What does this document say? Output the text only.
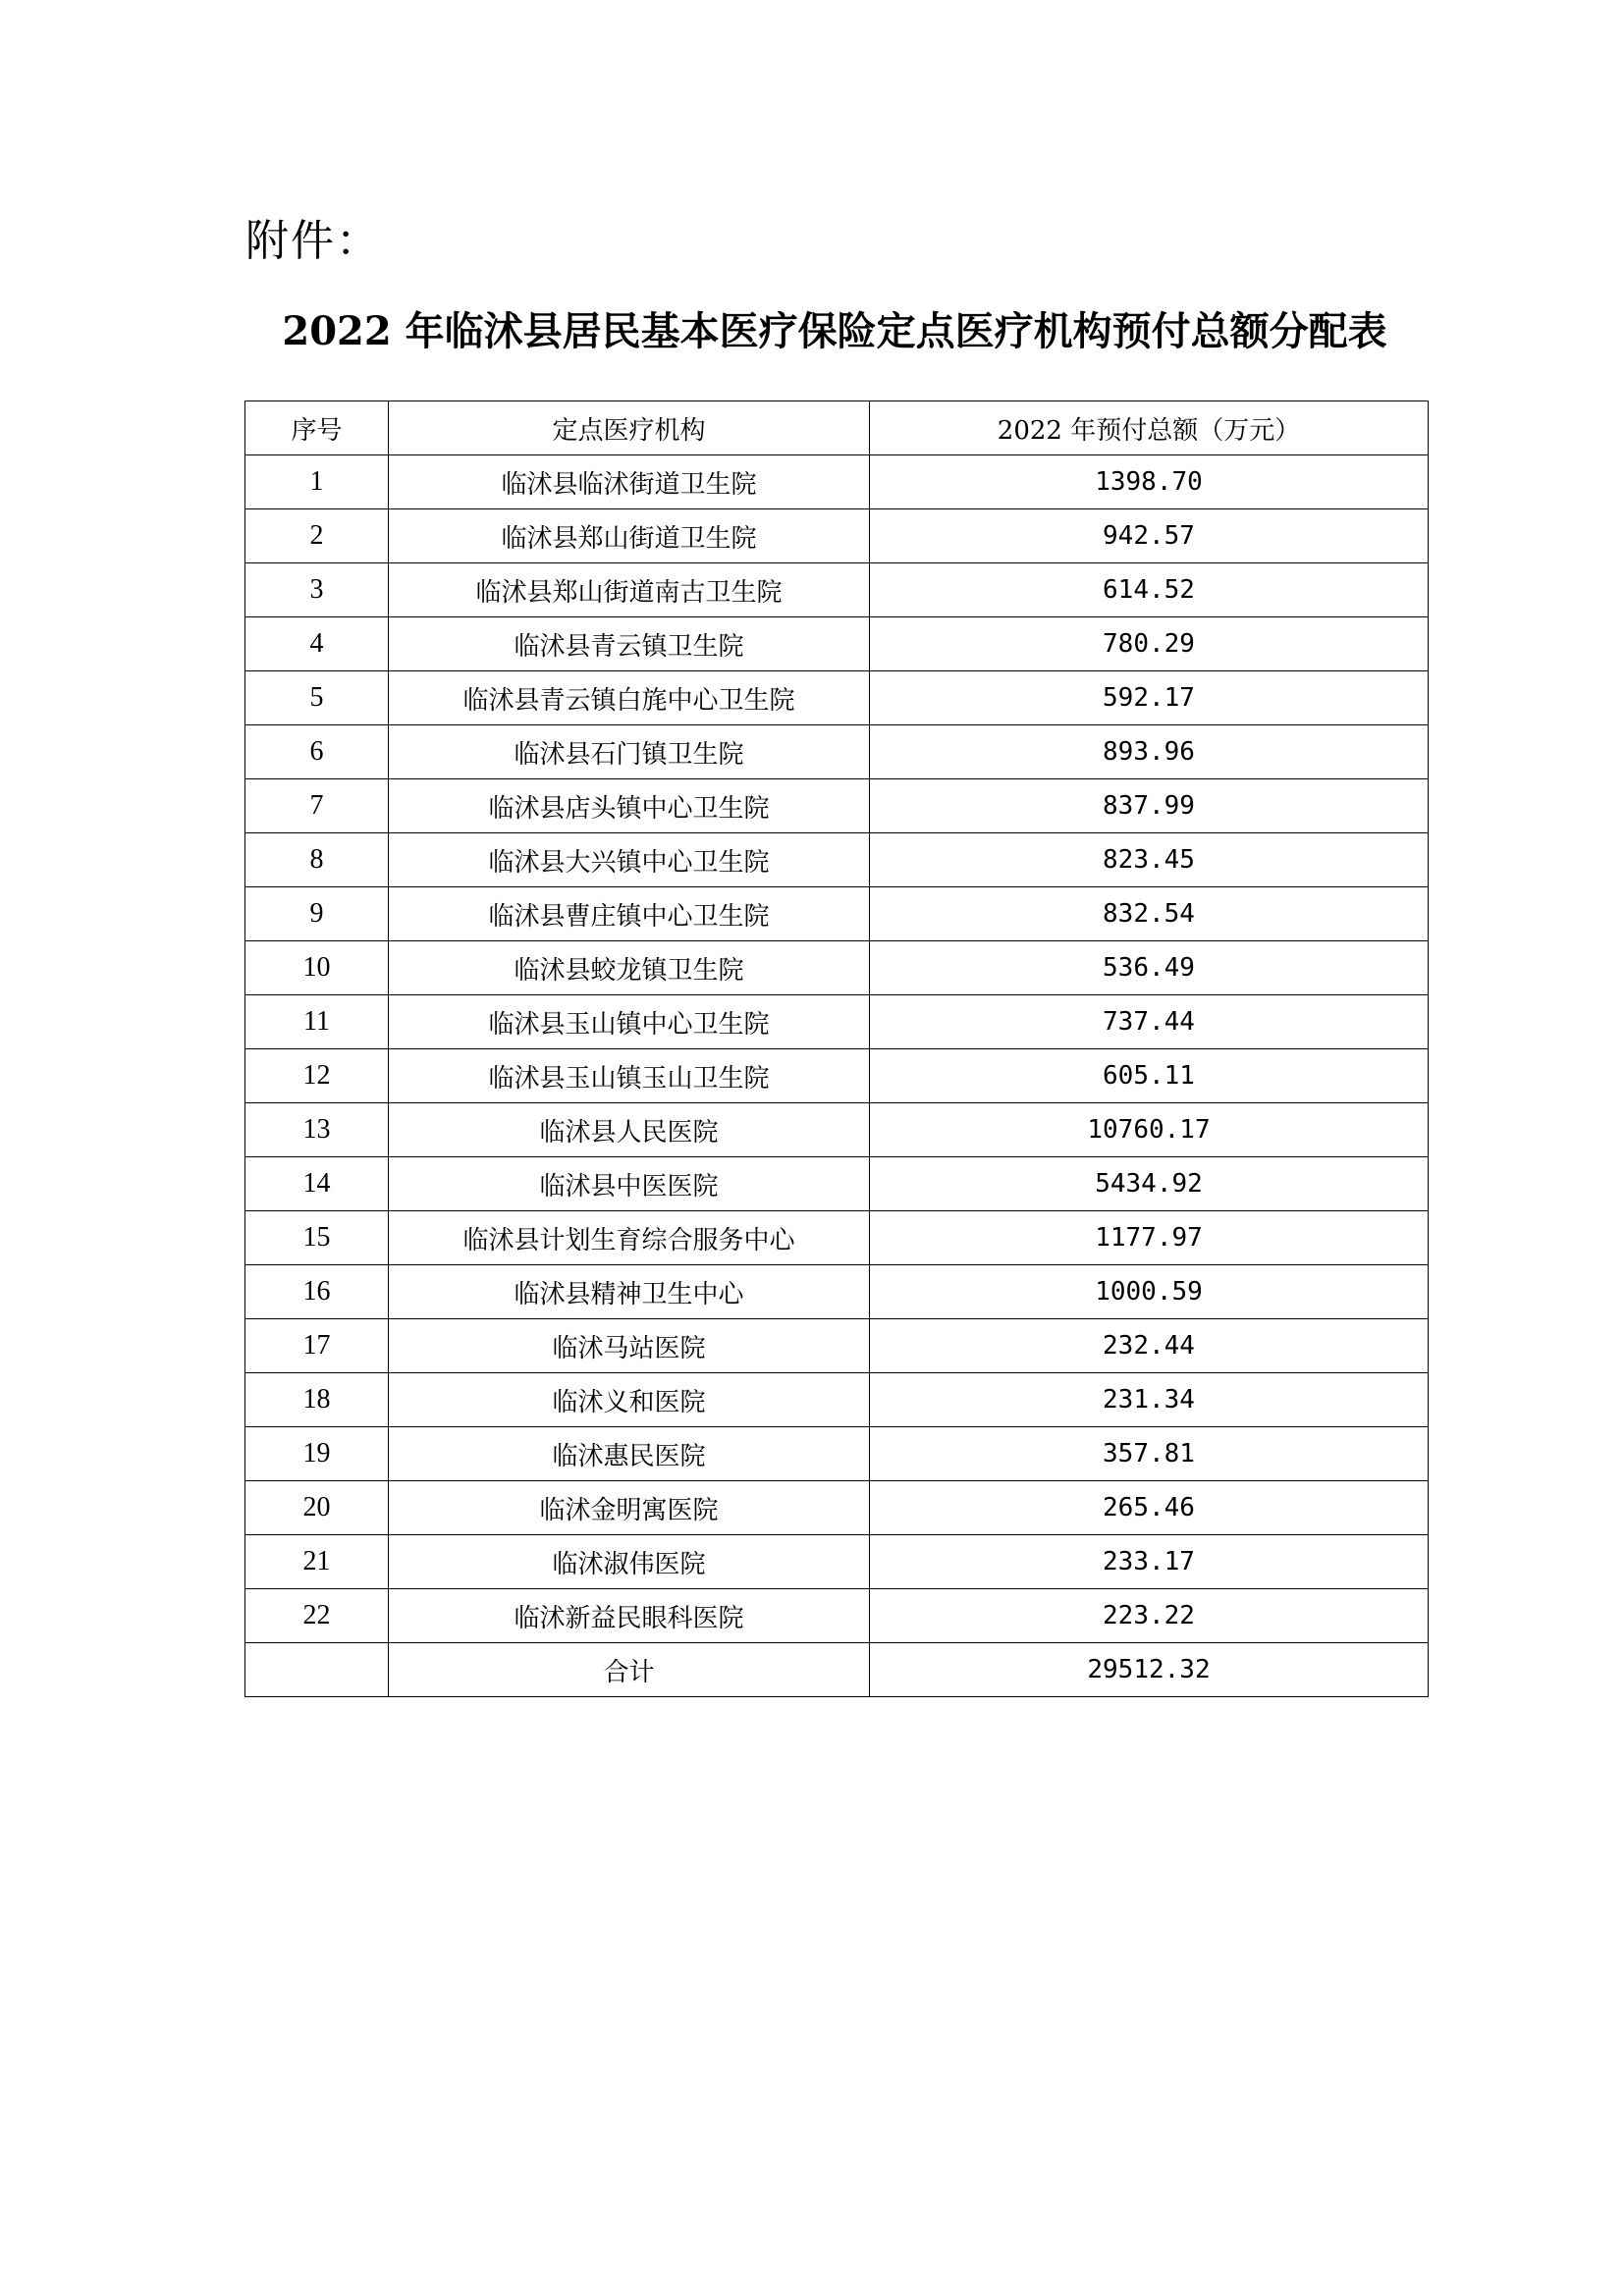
附件：
2022 年临沭县居民基本医疗保险定点医疗机构预付总额分配表
序号	定点医疗机构	2022 年预付总额（万元）
1	临沭县临沭街道卫生院	1398.70
2	临沭县郑山街道卫生院	942.57
3	临沭县郑山街道南古卫生院	614.52
4	临沭县青云镇卫生院	780.29
5	临沭县青云镇白旄中心卫生院	592.17
6	临沭县石门镇卫生院	893.96
7	临沭县店头镇中心卫生院	837.99
8	临沭县大兴镇中心卫生院	823.45
9	临沭县曹庄镇中心卫生院	832.54
10	临沭县蛟龙镇卫生院	536.49
11	临沭县玉山镇中心卫生院	737.44
12	临沭县玉山镇玉山卫生院	605.11
13	临沭县人民医院	10760.17
14	临沭县中医医院	5434.92
15	临沭县计划生育综合服务中心	1177.97
16	临沭县精神卫生中心	1000.59
17	临沭马站医院	232.44
18	临沭义和医院	231.34
19	临沭惠民医院	357.81
20	临沭金明寓医院	265.46
21	临沭淑伟医院	233.17
22	临沭新益民眼科医院	223.22
	合计	29512.32
